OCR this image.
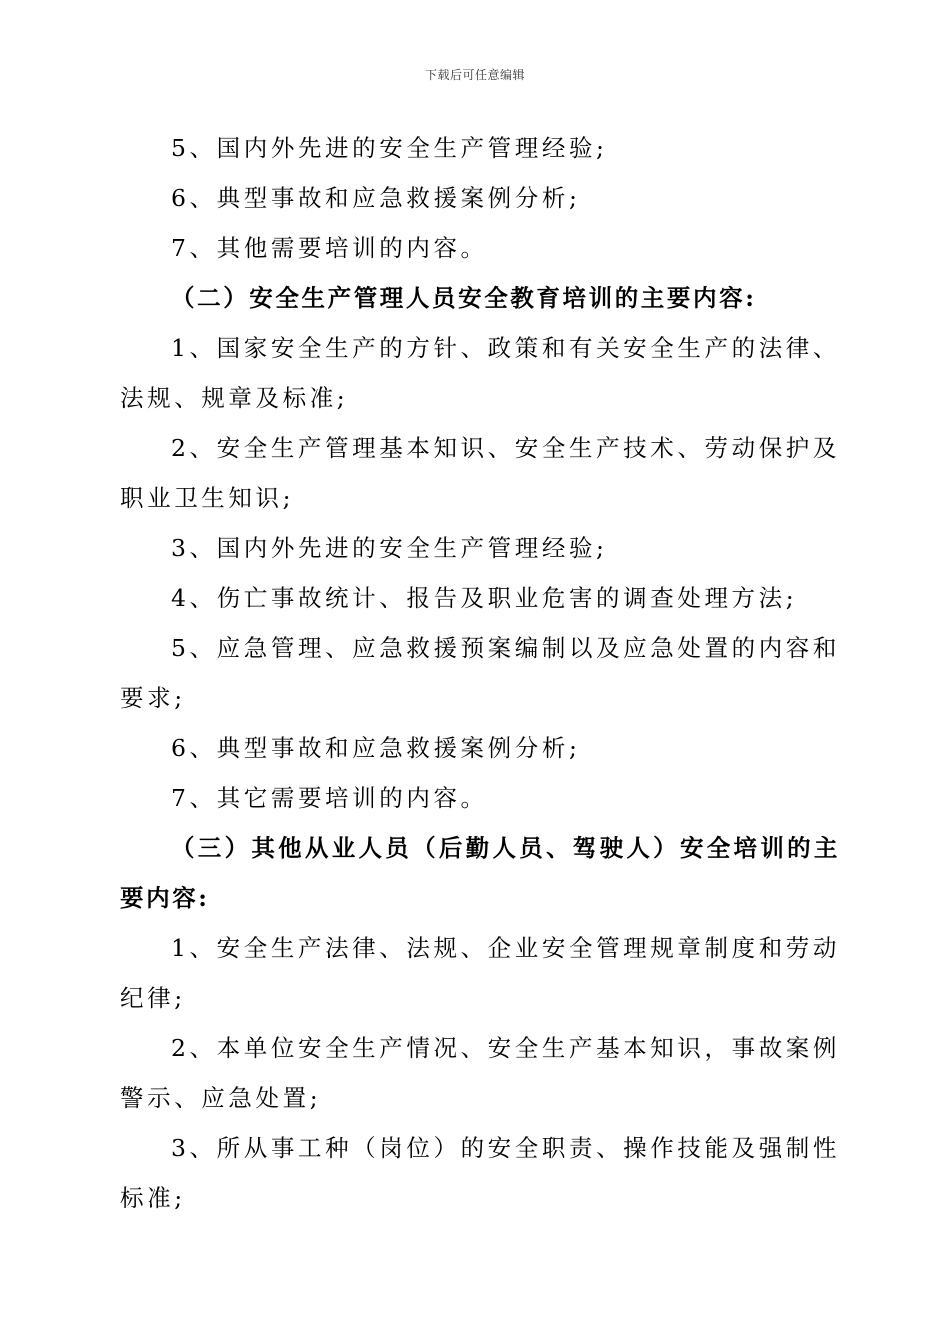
下载后可任意编辑

5、国内外先进的安全生产管理经验;

6、典型事故和应急救援案例分析;

7、其他需要培训的内容。

（二）安全生产管理人员安全教育培训的主要内容:

1、国家安全生产的方针、政策和有关安全生产的法律、法规、规章及标准;

2、安全生产管理基本知识、安全生产技术、劳动保护及职业卫生知识;

3、国内外先进的安全生产管理经验;

4、伤亡事故统计、报告及职业危害的调查处理方法;

5、应急管理、应急救援预案编制以及应急处置的内容和要求;

6、典型事故和应急救援案例分析;

7、其它需要培训的内容。

（三）其他从业人员（后勤人员、驾驶人）安全培训的主要内容:

1、安全生产法律、法规、企业安全管理规章制度和劳动纪律;

2、本单位安全生产情况、安全生产基本知识，事故案例警示、应急处置;

3、所从事工种（岗位）的安全职责、操作技能及强制性标准;
